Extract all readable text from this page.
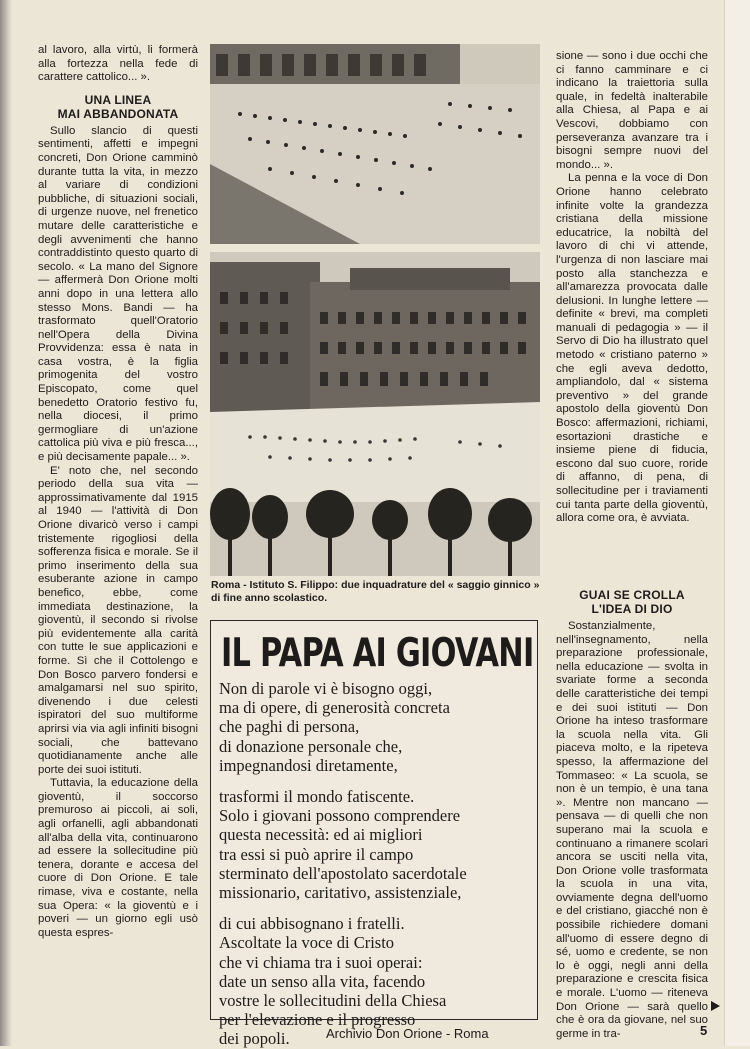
al lavoro, alla virtù, li formerà alla fortezza nella fede di carattere cattolico... ».

UNA LINEA
MAI ABBANDONATA

Sullo slancio di questi sentimenti, affetti e impegni concreti, Don Orione camminò durante tutta la vita, in mezzo al variare di condizioni pubbliche, di situazioni sociali, di urgenze nuove, nel frenetico mutare delle caratteristiche e degli avvenimenti che hanno contraddistinto questo quarto di secolo. « La mano del Signore — affermerà Don Orione molti anni dopo in una lettera allo stesso Mons. Bandi — ha trasformato quell'Oratorio nell'Opera della Divina Provvidenza: essa è nata in casa vostra, è la figlia primogenita del vostro Episcopato, come quel benedetto Oratorio festivo fu, nella diocesi, il primo germogliare di un'azione cattolica più viva e più fresca..., e più decisamente papale... ».

E' noto che, nel secondo periodo della sua vita — approssimativamente dal 1915 al 1940 — l'attività di Don Orione divaricò verso i campi tristemente rigogliosi della sofferenza fisica e morale. Se il primo inserimento della sua esuberante azione in campo benefico, ebbe, come immediata destinazione, la gioventù, il secondo si rivolse più evidentemente alla carità con tutte le sue applicazioni e forme. Sì che il Cottolengo e Don Bosco parvero fondersi e amalgamarsi nel suo spirito, divenendo i due celesti ispiratori del suo multiforme aprirsi via via agli infiniti bisogni sociali, che battevano quotidianamente anche alle porte dei suoi istituti.

Tuttavia, la educazione della gioventù, il soccorso premuroso ai piccoli, ai soli, agli orfanelli, agli abbandonati all'alba della vita, continuarono ad essere la sollecitudine più tenera, dorante e accesa del cuore di Don Orione. E tale rimase, viva e costante, nella sua Opera: « la gioventù e i poveri — un giorno egli usò questa espres-

Roma - Istituto S. Filippo: due inquadrature del « saggio ginnico » di fine anno scolastico.
IL PAPA AI GIOVANI
Non di parole vi è bisogno oggi,
ma di opere, di generosità concreta
che paghi di persona,
di donazione personale che,
impegnandosi diretamente,
trasformi il mondo fatiscente.
Solo i giovani possono comprendere
questa necessità: ed ai migliori
tra essi si può aprire il campo
sterminato dell'apostolato sacerdotale
missionario, caritativo, assistenziale,
di cui abbisognano i fratelli.
Ascoltate la voce di Cristo
che vi chiama tra i suoi operai:
date un senso alla vita, facendo
vostre le sollecitudini della Chiesa
per l'elevazione e il progresso
dei popoli.

sione — sono i due occhi che ci fanno camminare e ci indicano la traiettoria sulla quale, in fedeltà inalterabile alla Chiesa, al Papa e ai Vescovi, dobbiamo con perseveranza avanzare tra i bisogni sempre nuovi del mondo... ».

La penna e la voce di Don Orione hanno celebrato infinite volte la grandezza cristiana della missione educatrice, la nobiltà del lavoro di chi vi attende, l'urgenza di non lasciare mai posto alla stanchezza e all'amarezza provocata dalle delusioni. In lunghe lettere — definite « brevi, ma completi manuali di pedagogia » — il Servo di Dio ha illustrato quel metodo « cristiano paterno » che egli aveva dedotto, ampliandolo, dal « sistema preventivo » del grande apostolo della gioventù Don Bosco: affermazioni, richiami, esortazioni drastiche e insieme piene di fiducia, escono dal suo cuore, roride di affanno, di pena, di sollecitudine per i traviamenti cui tanta parte della gioventù, allora come ora, è avviata.

GUAI SE CROLLA
L'IDEA DI DIO

Sostanzialmente, nell'insegnamento, nella preparazione professionale, nella educazione — svolta in svariate forme a seconda delle caratteristiche dei tempi e dei suoi istituti — Don Orione ha inteso trasformare la scuola nella vita. Gli piaceva molto, e la ripeteva spesso, la affermazione del Tommaseo: « La scuola, se non è un tempio, è una tana ». Mentre non mancano — pensava — di quelli che non superano mai la scuola e continuano a rimanere scolari ancora se usciti nella vita, Don Orione volle trasformata la scuola in una vita, ovviamente degna dell'uomo e del cristiano, giacché non è possibile richiedere domani all'uomo di essere degno di sé, uomo e credente, se non lo è oggi, negli anni della preparazione e crescita fisica e morale. L'uomo — riteneva Don Orione — sarà quello che è ora da giovane, nel suo germe in tra-

Archivio Don Orione - Roma	5
